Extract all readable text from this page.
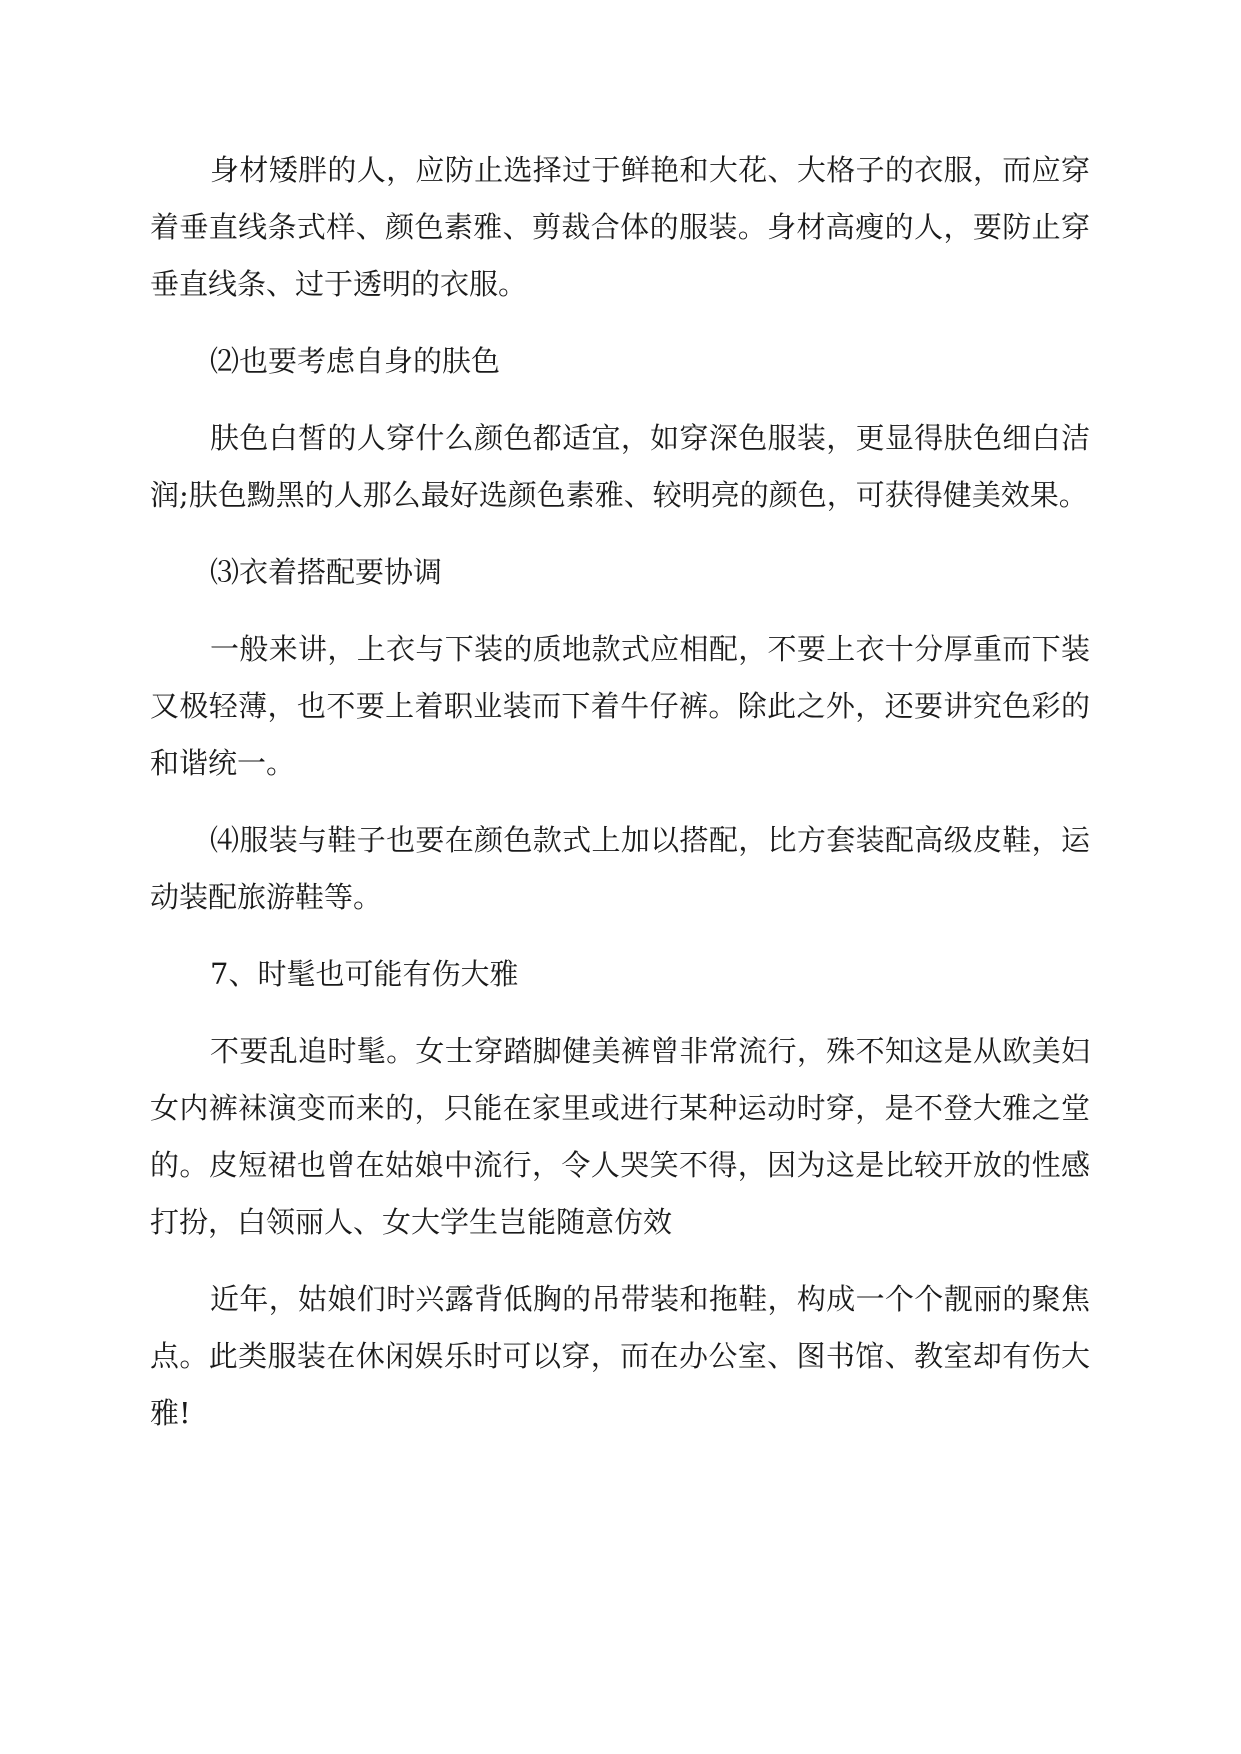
身材矮胖的人，应防止选择过于鲜艳和大花、大格子的衣服，而应穿着垂直线条式样、颜色素雅、剪裁合体的服装。身材高瘦的人，要防止穿垂直线条、过于透明的衣服。

⑵也要考虑自身的肤色

肤色白皙的人穿什么颜色都适宜，如穿深色服装，更显得肤色细白洁润;肤色黝黑的人那么最好选颜色素雅、较明亮的颜色，可获得健美效果。

⑶衣着搭配要协调

一般来讲，上衣与下装的质地款式应相配，不要上衣十分厚重而下装又极轻薄，也不要上着职业装而下着牛仔裤。除此之外，还要讲究色彩的和谐统一。

⑷服装与鞋子也要在颜色款式上加以搭配，比方套装配高级皮鞋，运动装配旅游鞋等。

7、时髦也可能有伤大雅

不要乱追时髦。女士穿踏脚健美裤曾非常流行，殊不知这是从欧美妇女内裤袜演变而来的，只能在家里或进行某种运动时穿，是不登大雅之堂的。皮短裙也曾在姑娘中流行，令人哭笑不得，因为这是比较开放的性感打扮，白领丽人、女大学生岂能随意仿效

近年，姑娘们时兴露背低胸的吊带装和拖鞋，构成一个个靓丽的聚焦点。此类服装在休闲娱乐时可以穿，而在办公室、图书馆、教室却有伤大雅!
